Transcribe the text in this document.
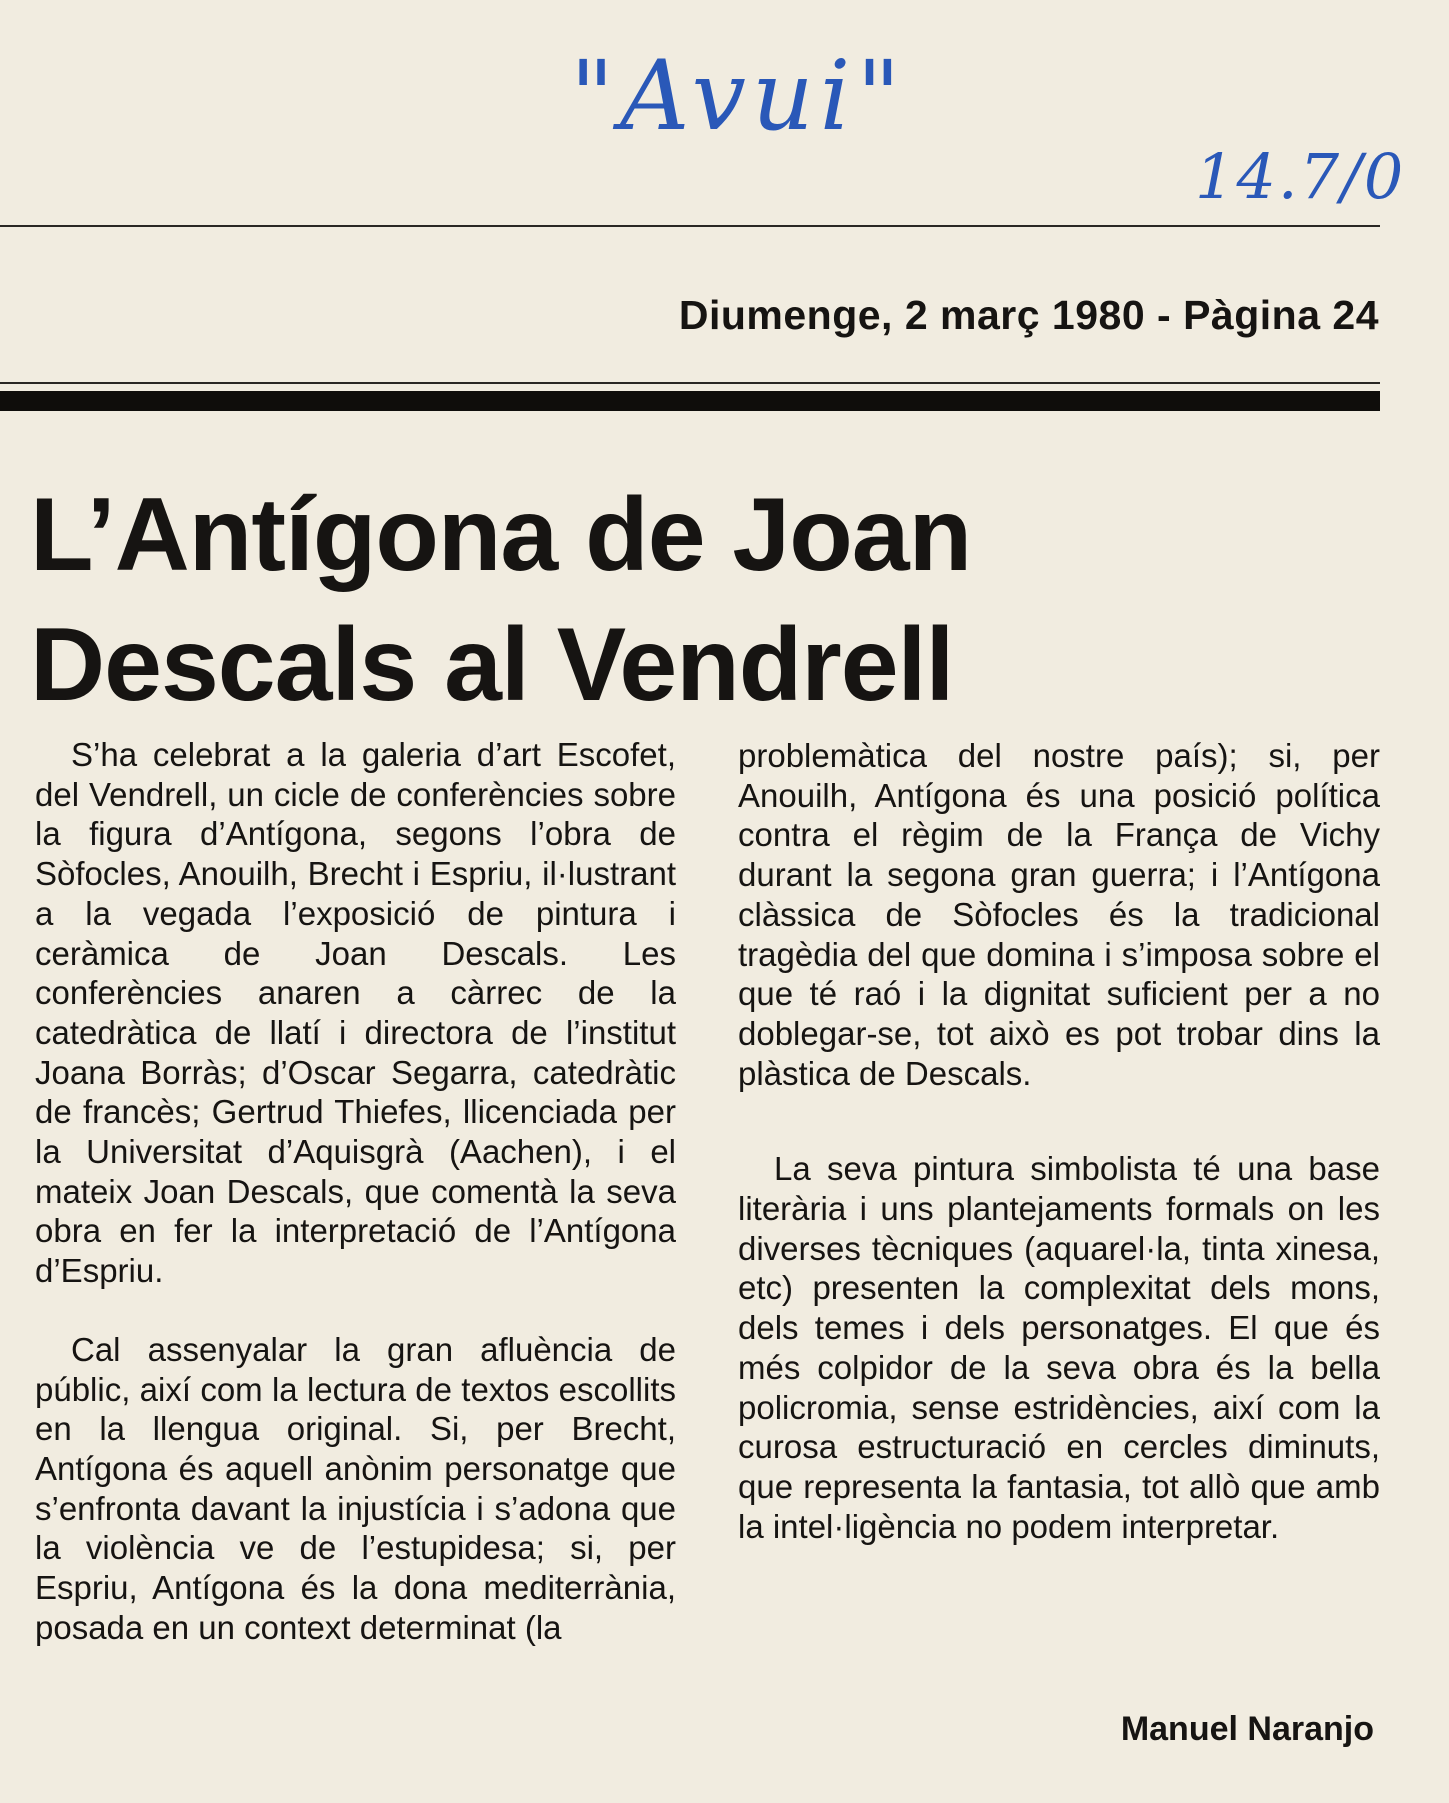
"Avui"
14.7/0
Diumenge, 2 març 1980 - Pàgina 24
L’Antígona de Joan
Descals al Vendrell

S’ha celebrat a la galeria d’art Escofet, del Vendrell, un cicle de conferències sobre la figura d’Antígona, segons l’obra de Sòfocles, Anouilh, Brecht i Espriu, il·lustrant a la vegada l’exposició de pintura i ceràmica de Joan Descals. Les conferències anaren a càrrec de la catedràtica de llatí i directora de l’institut Joana Borràs; d’Oscar Segarra, catedràtic de francès; Gertrud Thiefes, llicenciada per la Universitat d’Aquisgrà (Aachen), i el mateix Joan Descals, que comentà la seva obra en fer la interpretació de l’Antígona d’Espriu.

Cal assenyalar la gran afluència de públic, així com la lectura de textos escollits en la llengua original. Si, per Brecht, Antígona és aquell anònim personatge que s’enfronta davant la injustícia i s’adona que la violència ve de l’estupidesa; si, per Espriu, Antígona és la dona mediterrània, posada en un context determinat (la

problemàtica del nostre país); si, per Anouilh, Antígona és una posició política contra el règim de la França de Vichy durant la segona gran guerra; i l’Antígona clàssica de Sòfocles és la tradicional tragèdia del que domina i s’imposa sobre el que té raó i la dignitat suficient per a no doblegar-se, tot això es pot trobar dins la plàstica de Descals.

La seva pintura simbolista té una base literària i uns plantejaments formals on les diverses tècniques (aquarel·la, tinta xinesa, etc) presenten la complexitat dels mons, dels temes i dels personatges. El que és més colpidor de la seva obra és la bella policromia, sense estridències, així com la curosa estructuració en cercles diminuts, que representa la fantasia, tot allò que amb la intel·ligència no podem interpretar.

Manuel Naranjo
